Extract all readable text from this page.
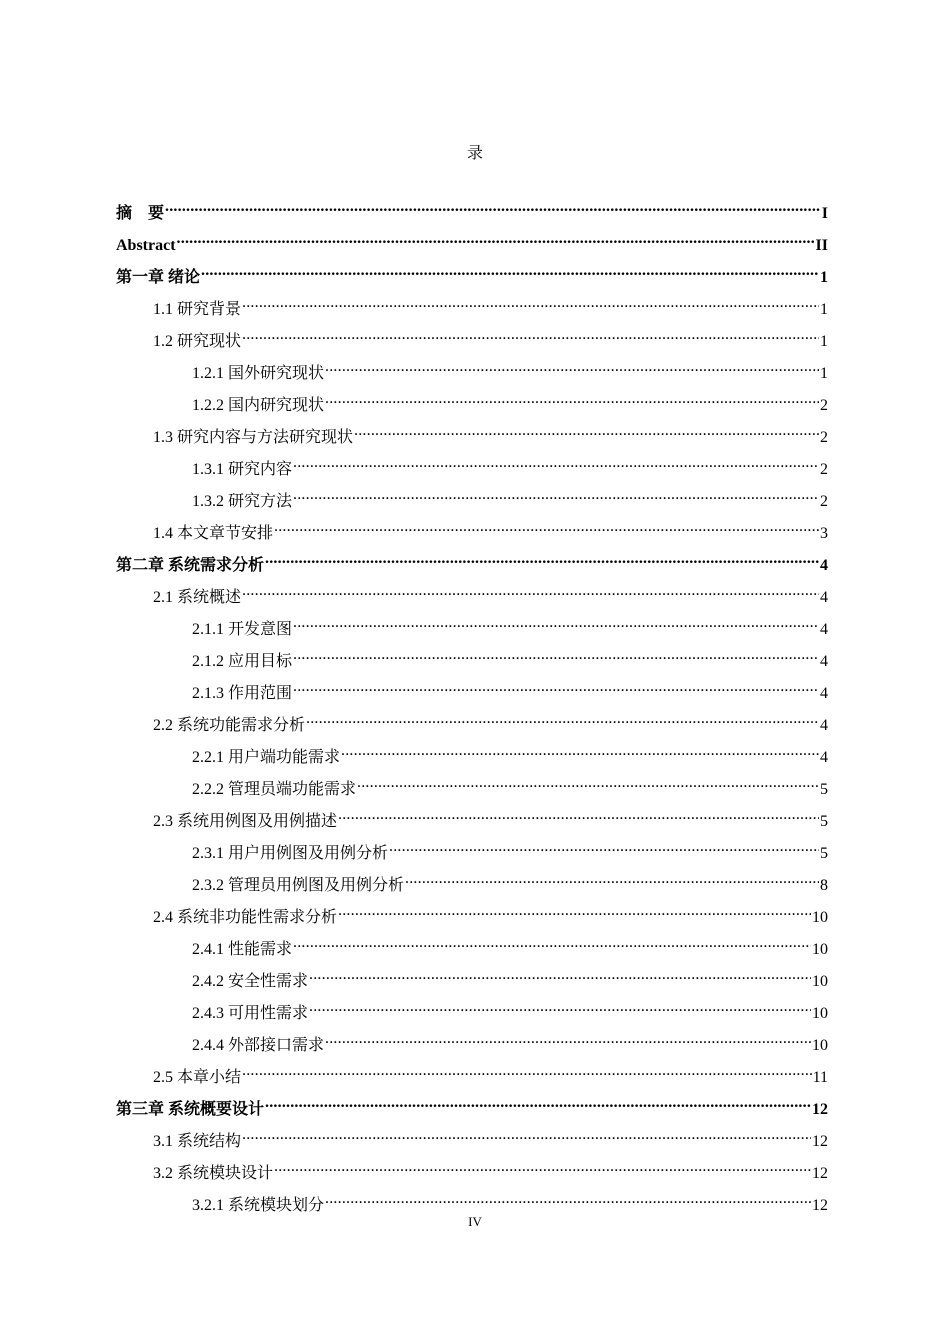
录
摘　要 .....	I
Abstract .....	II
第一章 绪论 .....	1
1.1 研究背景 .....	1
1.2 研究现状 .....	1
1.2.1 国外研究现状 .....	1
1.2.2 国内研究现状 .....	2
1.3 研究内容与方法研究现状 .....	2
1.3.1 研究内容 .....	2
1.3.2 研究方法 .....	2
1.4 本文章节安排 .....	3
第二章 系统需求分析 .....	4
2.1 系统概述 .....	4
2.1.1 开发意图 .....	4
2.1.2 应用目标 .....	4
2.1.3 作用范围 .....	4
2.2 系统功能需求分析 .....	4
2.2.1 用户端功能需求 .....	4
2.2.2 管理员端功能需求 .....	5
2.3 系统用例图及用例描述 .....	5
2.3.1 用户用例图及用例分析 .....	5
2.3.2 管理员用例图及用例分析 .....	8
2.4 系统非功能性需求分析 .....	10
2.4.1 性能需求 .....	10
2.4.2 安全性需求 .....	10
2.4.3 可用性需求 .....	10
2.4.4 外部接口需求 .....	10
2.5 本章小结 .....	11
第三章 系统概要设计 .....	12
3.1 系统结构 .....	12
3.2 系统模块设计 .....	12
3.2.1 系统模块划分 .....	12
IV
